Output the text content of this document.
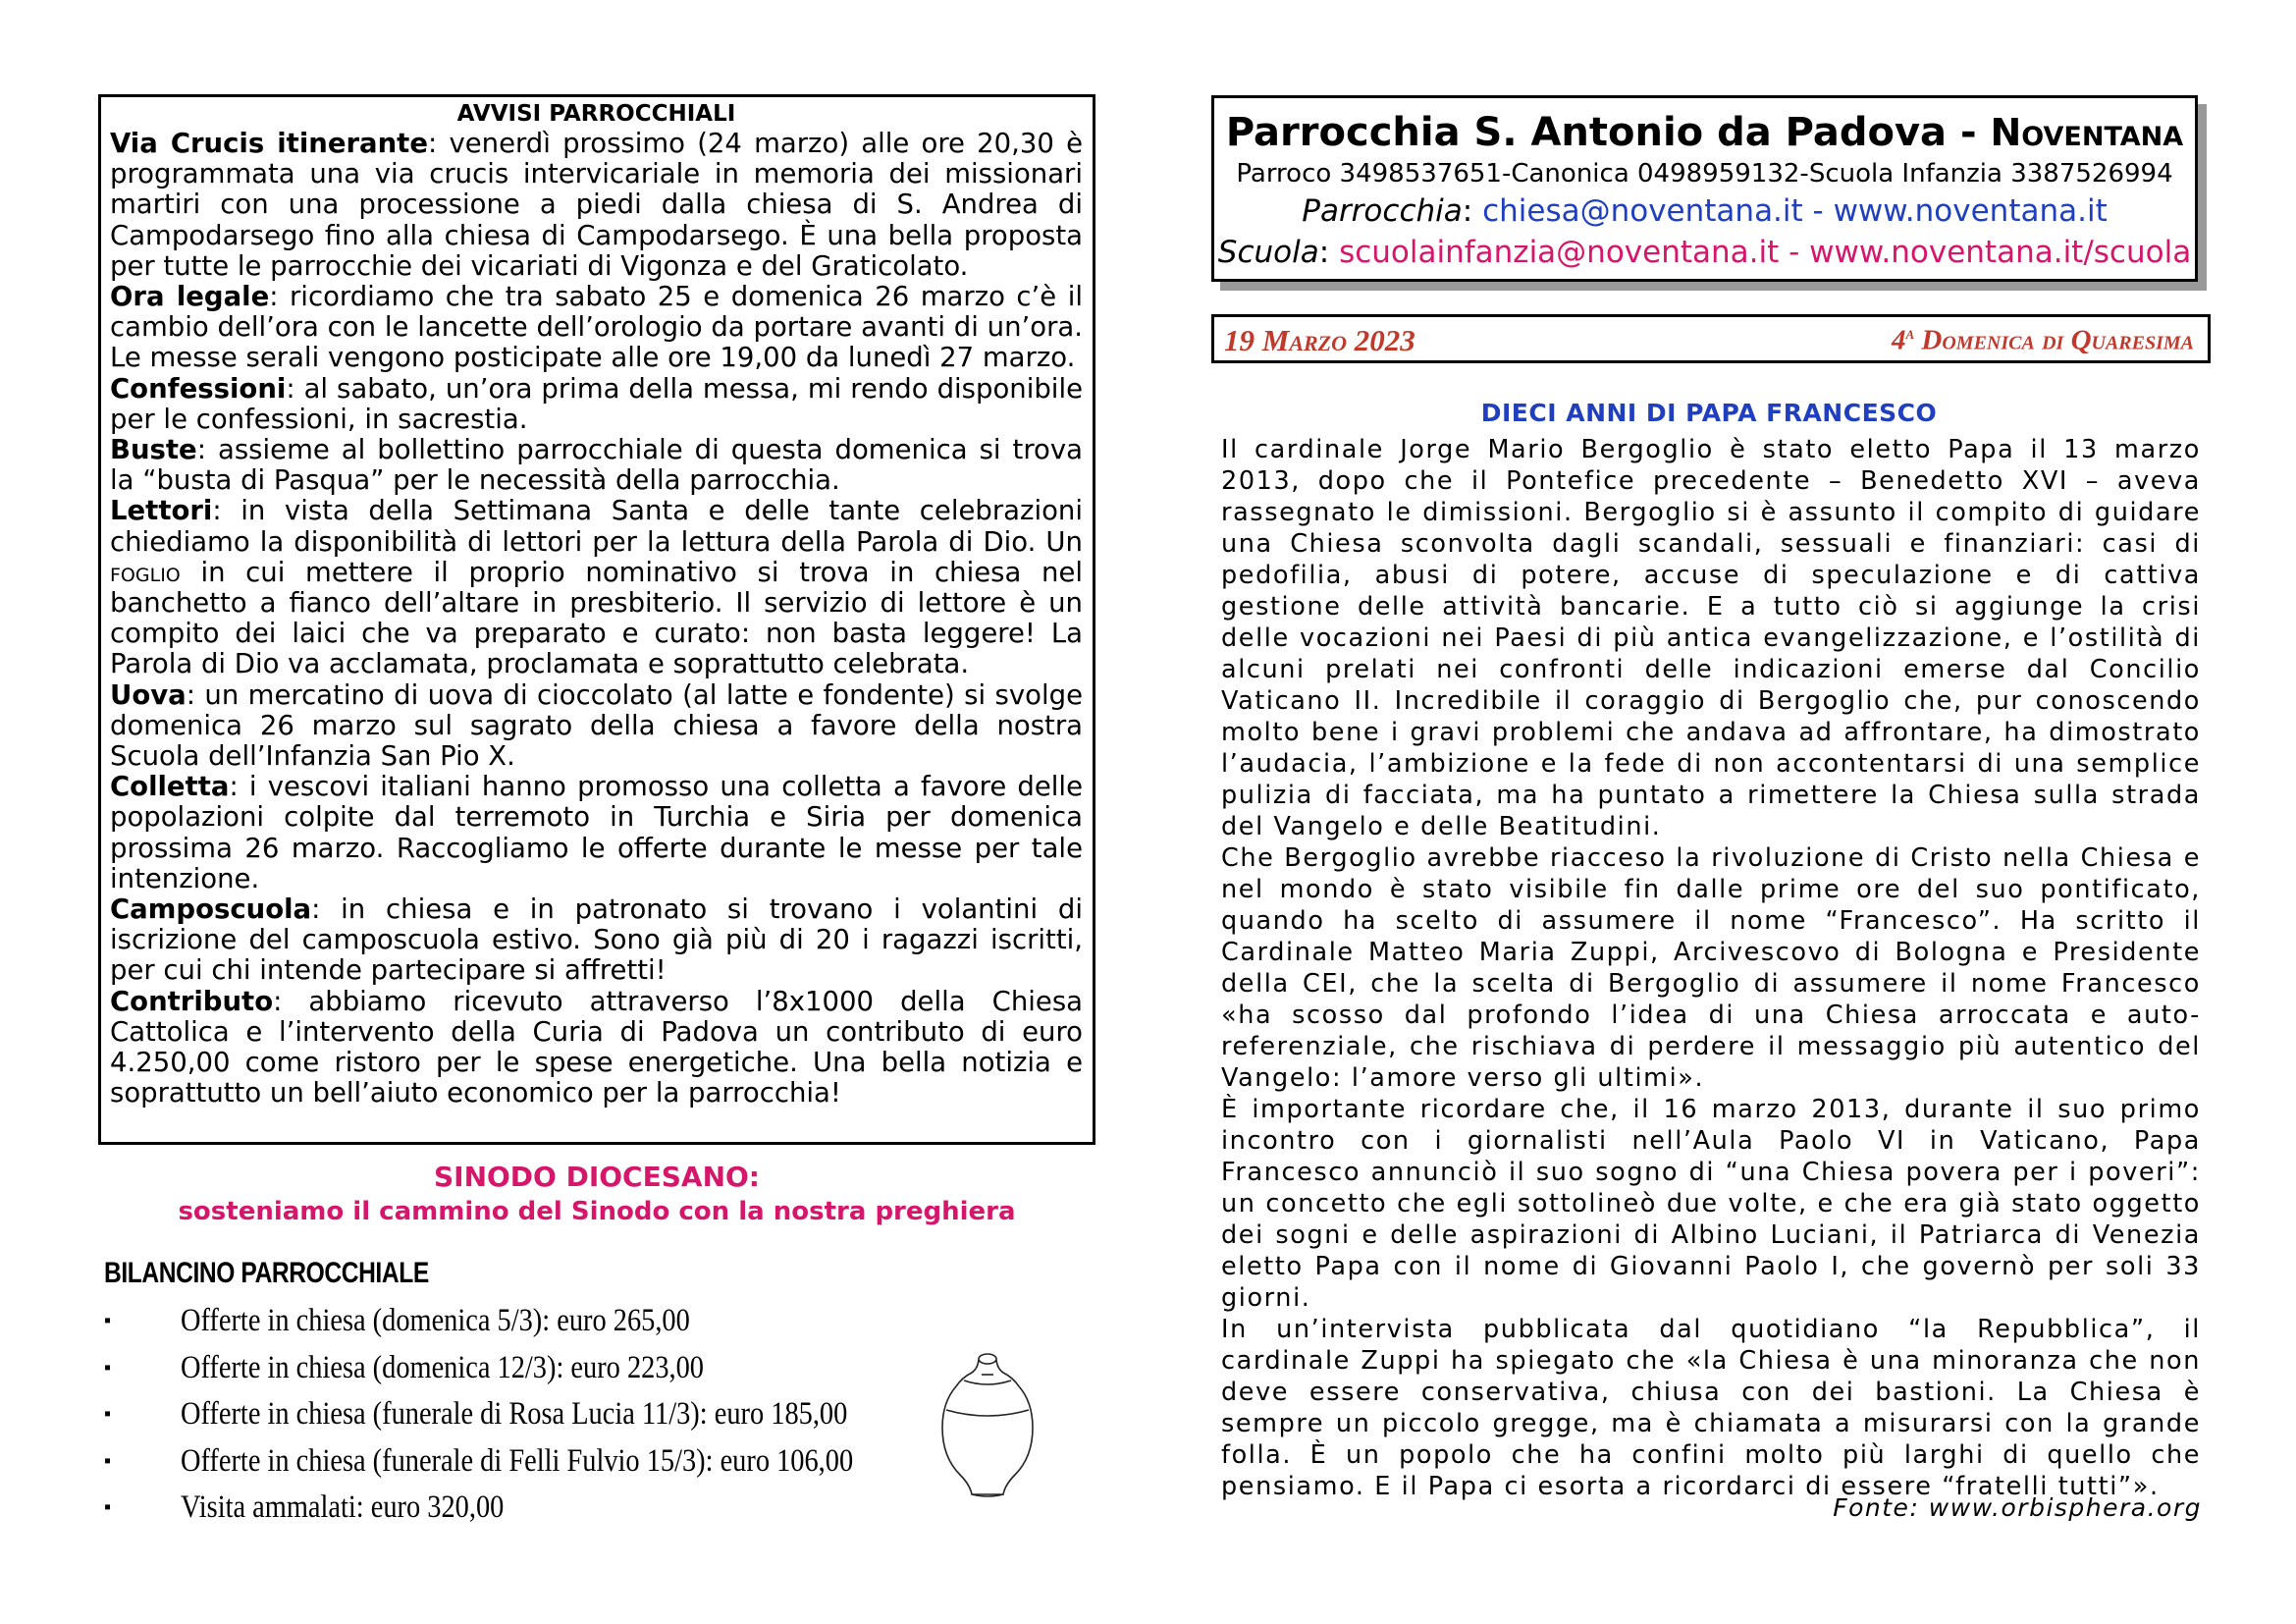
AVVISI PARROCCHIALI
Via Crucis itinerante: venerdì prossimo (24 marzo) alle ore 20,30 è programmata una via crucis intervicariale in memoria dei missionari martiri con una processione a piedi dalla chiesa di S. Andrea di Campodarsego fino alla chiesa di Campodarsego. È una bella proposta per tutte le parrocchie dei vicariati di Vigonza e del Graticolato.
Ora legale: ricordiamo che tra sabato 25 e domenica 26 marzo c’è il cambio dell’ora con le lancette dell’orologio da portare avanti di un’ora. Le messe serali vengono posticipate alle ore 19,00 da lunedì 27 marzo.
Confessioni: al sabato, un’ora prima della messa, mi rendo disponibile per le confessioni, in sacrestia.
Buste: assieme al bollettino parrocchiale di questa domenica si trova la “busta di Pasqua” per le necessità della parrocchia.
Lettori: in vista della Settimana Santa e delle tante celebrazioni chiediamo la disponibilità di lettori per la lettura della Parola di Dio. Un foglio in cui mettere il proprio nominativo si trova in chiesa nel banchetto a fianco dell’altare in presbiterio. Il servizio di lettore è un compito dei laici che va preparato e curato: non basta leggere! La Parola di Dio va acclamata, proclamata e soprattutto celebrata.
Uova: un mercatino di uova di cioccolato (al latte e fondente) si svolge domenica 26 marzo sul sagrato della chiesa a favore della nostra Scuola dell’Infanzia San Pio X.
Colletta: i vescovi italiani hanno promosso una colletta a favore delle popolazioni colpite dal terremoto in Turchia e Siria per domenica prossima 26 marzo. Raccogliamo le offerte durante le messe per tale intenzione.
Camposcuola: in chiesa e in patronato si trovano i volantini di iscrizione del camposcuola estivo. Sono già più di 20 i ragazzi iscritti, per cui chi intende partecipare si affretti!
Contributo: abbiamo ricevuto attraverso l’8x1000 della Chiesa Cattolica e l’intervento della Curia di Padova un contributo di euro 4.250,00 come ristoro per le spese energetiche. Una bella notizia e soprattutto un bell’aiuto economico per la parrocchia!
SINODO DIOCESANO:
sosteniamo il cammino del Sinodo con la nostra preghiera
BILANCINO PARROCCHIALE
▪ Offerte in chiesa (domenica 5/3): euro 265,00
▪ Offerte in chiesa (domenica 12/3): euro 223,00
▪ Offerte in chiesa (funerale di Rosa Lucia 11/3): euro 185,00
▪ Offerte in chiesa (funerale di Felli Fulvio 15/3): euro 106,00
▪ Visita ammalati: euro 320,00
Parrocchia S. Antonio da Padova - Noventana
Parroco 3498537651-Canonica 0498959132-Scuola Infanzia 3387526994
Parrocchia: chiesa@noventana.it - www.noventana.it
Scuola: scuolainfanzia@noventana.it - www.noventana.it/scuola
19 Marzo 2023	4$^a$ Domenica di Quaresima
DIECI ANNI DI PAPA FRANCESCO

Il cardinale Jorge Mario Bergoglio è stato eletto Papa il 13 marzo 2013, dopo che il Pontefice precedente – Benedetto XVI – aveva rassegnato le dimissioni. Bergoglio si è assunto il compito di guidare una Chiesa sconvolta dagli scandali, sessuali e finanziari: casi di pedofilia, abusi di potere, accuse di speculazione e di cattiva gestione delle attività bancarie. E a tutto ciò si aggiunge la crisi delle vocazioni nei Paesi di più antica evangelizzazione, e l’ostilità di alcuni prelati nei confronti delle indicazioni emerse dal Concilio Vaticano II. Incredibile il coraggio di Bergoglio che, pur conoscendo molto bene i gravi problemi che andava ad affrontare, ha dimostrato l’audacia, l’ambizione e la fede di non accontentarsi di una semplice pulizia di facciata, ma ha puntato a rimettere la Chiesa sulla strada del Vangelo e delle Beatitudini.

Che Bergoglio avrebbe riacceso la rivoluzione di Cristo nella Chiesa e nel mondo è stato visibile fin dalle prime ore del suo pontificato, quando ha scelto di assumere il nome “Francesco”. Ha scritto il Cardinale Matteo Maria Zuppi, Arcivescovo di Bologna e Presidente della CEI, che la scelta di Bergoglio di assumere il nome Francesco «ha scosso dal profondo l’idea di una Chiesa arroccata e auto-referenziale, che rischiava di perdere il messaggio più autentico del Vangelo: l’amore verso gli ultimi».

È importante ricordare che, il 16 marzo 2013, durante il suo primo incontro con i giornalisti nell’Aula Paolo VI in Vaticano, Papa Francesco annunciò il suo sogno di “una Chiesa povera per i poveri”: un concetto che egli sottolineò due volte, e che era già stato oggetto dei sogni e delle aspirazioni di Albino Luciani, il Patriarca di Venezia eletto Papa con il nome di Giovanni Paolo I, che governò per soli 33 giorni.

In un’intervista pubblicata dal quotidiano “la Repubblica”, il cardinale Zuppi ha spiegato che «la Chiesa è una minoranza che non deve essere conservativa, chiusa con dei bastioni. La Chiesa è sempre un piccolo gregge, ma è chiamata a misurarsi con la grande folla. È un popolo che ha confini molto più larghi di quello che pensiamo. E il Papa ci esorta a ricordarci di essere “fratelli tutti”».

Fonte: www.orbisphera.org
